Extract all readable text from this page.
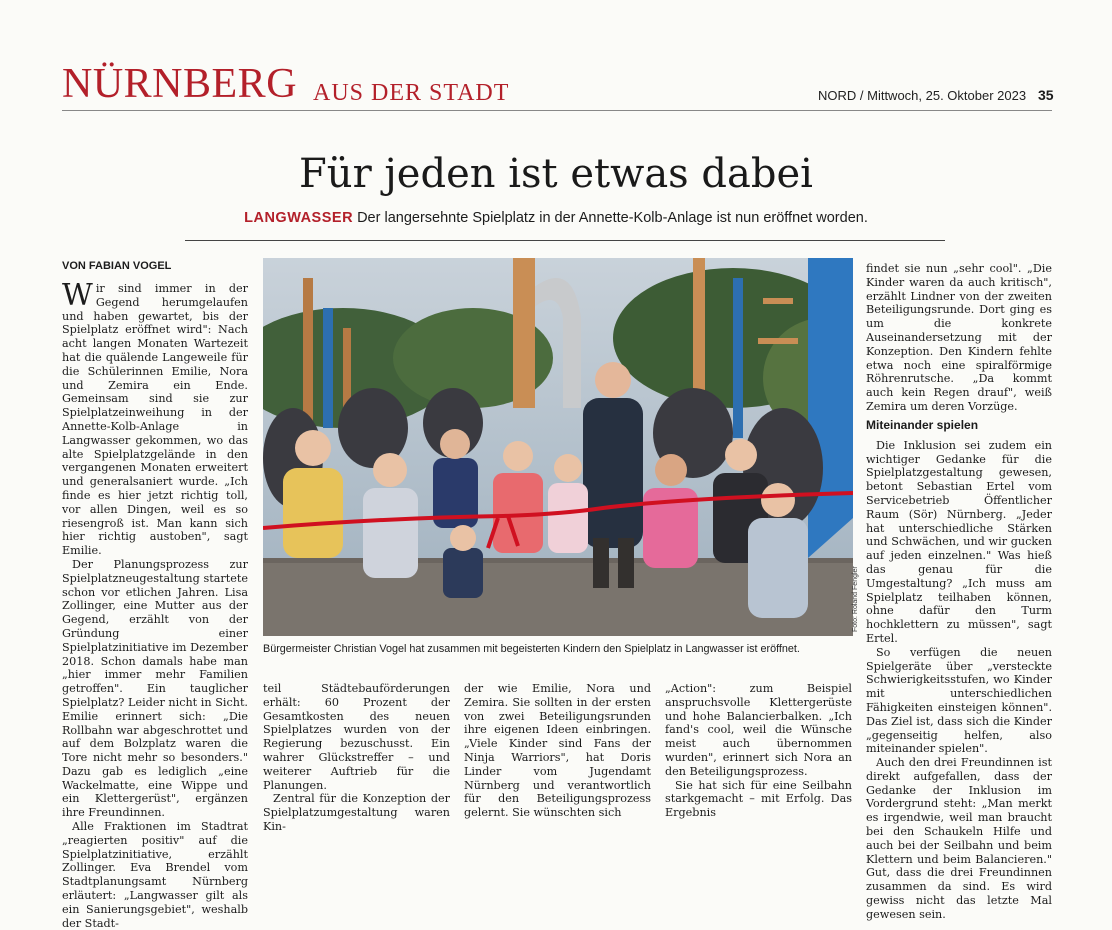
NÜRNBERG AUS DER STADT	NORD / Mittwoch, 25. Oktober 2023 35
Für jeden ist etwas dabei
LANGWASSER Der langersehnte Spielplatz in der Annette-Kolb-Anlage ist nun eröffnet worden.
VON FABIAN VOGEL

Wir sind immer in der Gegend herumgelaufen und haben gewartet, bis der Spielplatz eröffnet wird": Nach acht langen Monaten Wartezeit hat die quälende Langeweile für die Schülerinnen Emilie, Nora und Zemira ein Ende. Gemeinsam sind sie zur Spielplatzeinweihung in der Annette-Kolb-Anlage in Langwasser gekommen, wo das alte Spielplatzgelände in den vergangenen Monaten erweitert und generalsaniert wurde. „Ich finde es hier jetzt richtig toll, vor allen Dingen, weil es so riesengroß ist. Man kann sich hier richtig austoben", sagt Emilie.

Der Planungsprozess zur Spielplatzneugestaltung startete schon vor etlichen Jahren. Lisa Zollinger, eine Mutter aus der Gegend, erzählt von der Gründung einer Spielplatzinitiative im Dezember 2018. Schon damals habe man „hier immer mehr Familien getroffen". Ein tauglicher Spielplatz? Leider nicht in Sicht. Emilie erinnert sich: „Die Rollbahn war abgeschrottet und auf dem Bolzplatz waren die Tore nicht mehr so besonders." Dazu gab es lediglich „eine Wackelmatte, eine Wippe und ein Klettergerüst", ergänzen ihre Freundinnen.

Alle Fraktionen im Stadtrat „reagierten positiv" auf die Spielplatzinitiative, erzählt Zollinger. Eva Brendel vom Stadtplanungsamt Nürnberg erläutert: „Langwasser gilt als ein Sanierungsgebiet", weshalb der Stadt-

Foto: Roland Fengler
Bürgermeister Christian Vogel hat zusammen mit begeisterten Kindern den Spielplatz in Langwasser ist eröffnet.

teil Städtebauförderungen erhält: 60 Prozent der Gesamtkosten des neuen Spielplatzes wurden von der Regierung bezuschusst. Ein wahrer Glückstreffer – und weiterer Auftrieb für die Planungen.

Zentral für die Konzeption der Spielplatzumgestaltung waren Kin-

der wie Emilie, Nora und Zemira. Sie sollten in der ersten von zwei Beteiligungsrunden ihre eigenen Ideen einbringen. „Viele Kinder sind Fans der Ninja Warriors", hat Doris Linder vom Jugendamt Nürnberg und verantwortlich für den Beteiligungsprozess gelernt. Sie wünschten sich

„Action": zum Beispiel anspruchsvolle Klettergerüste und hohe Balancierbalken. „Ich fand's cool, weil die Wünsche meist auch übernommen wurden", erinnert sich Nora an den Beteiligungsprozess.

Sie hat sich für eine Seilbahn starkgemacht – mit Erfolg. Das Ergebnis

findet sie nun „sehr cool". „Die Kinder waren da auch kritisch", erzählt Lindner von der zweiten Beteiligungsrunde. Dort ging es um die konkrete Auseinandersetzung mit der Konzeption. Den Kindern fehlte etwa noch eine spiralförmige Röhrenrutsche. „Da kommt auch kein Regen drauf", weiß Zemira um deren Vorzüge.

Miteinander spielen

Die Inklusion sei zudem ein wichtiger Gedanke für die Spielplatzgestaltung gewesen, betont Sebastian Ertel vom Servicebetrieb Öffentlicher Raum (Sör) Nürnberg. „Jeder hat unterschiedliche Stärken und Schwächen, und wir gucken auf jeden einzelnen." Was hieß das genau für die Umgestaltung? „Ich muss am Spielplatz teilhaben können, ohne dafür den Turm hochklettern zu müssen", sagt Ertel.

So verfügen die neuen Spielgeräte über „versteckte Schwierigkeitsstufen, wo Kinder mit unterschiedlichen Fähigkeiten einsteigen können". Das Ziel ist, dass sich die Kinder „gegenseitig helfen, also miteinander spielen".

Auch den drei Freundinnen ist direkt aufgefallen, dass der Gedanke der Inklusion im Vordergrund steht: „Man merkt es irgendwie, weil man braucht bei den Schaukeln Hilfe und auch bei der Seilbahn und beim Klettern und beim Balancieren." Gut, dass die drei Freundinnen zusammen da sind. Es wird gewiss nicht das letzte Mal gewesen sein.
